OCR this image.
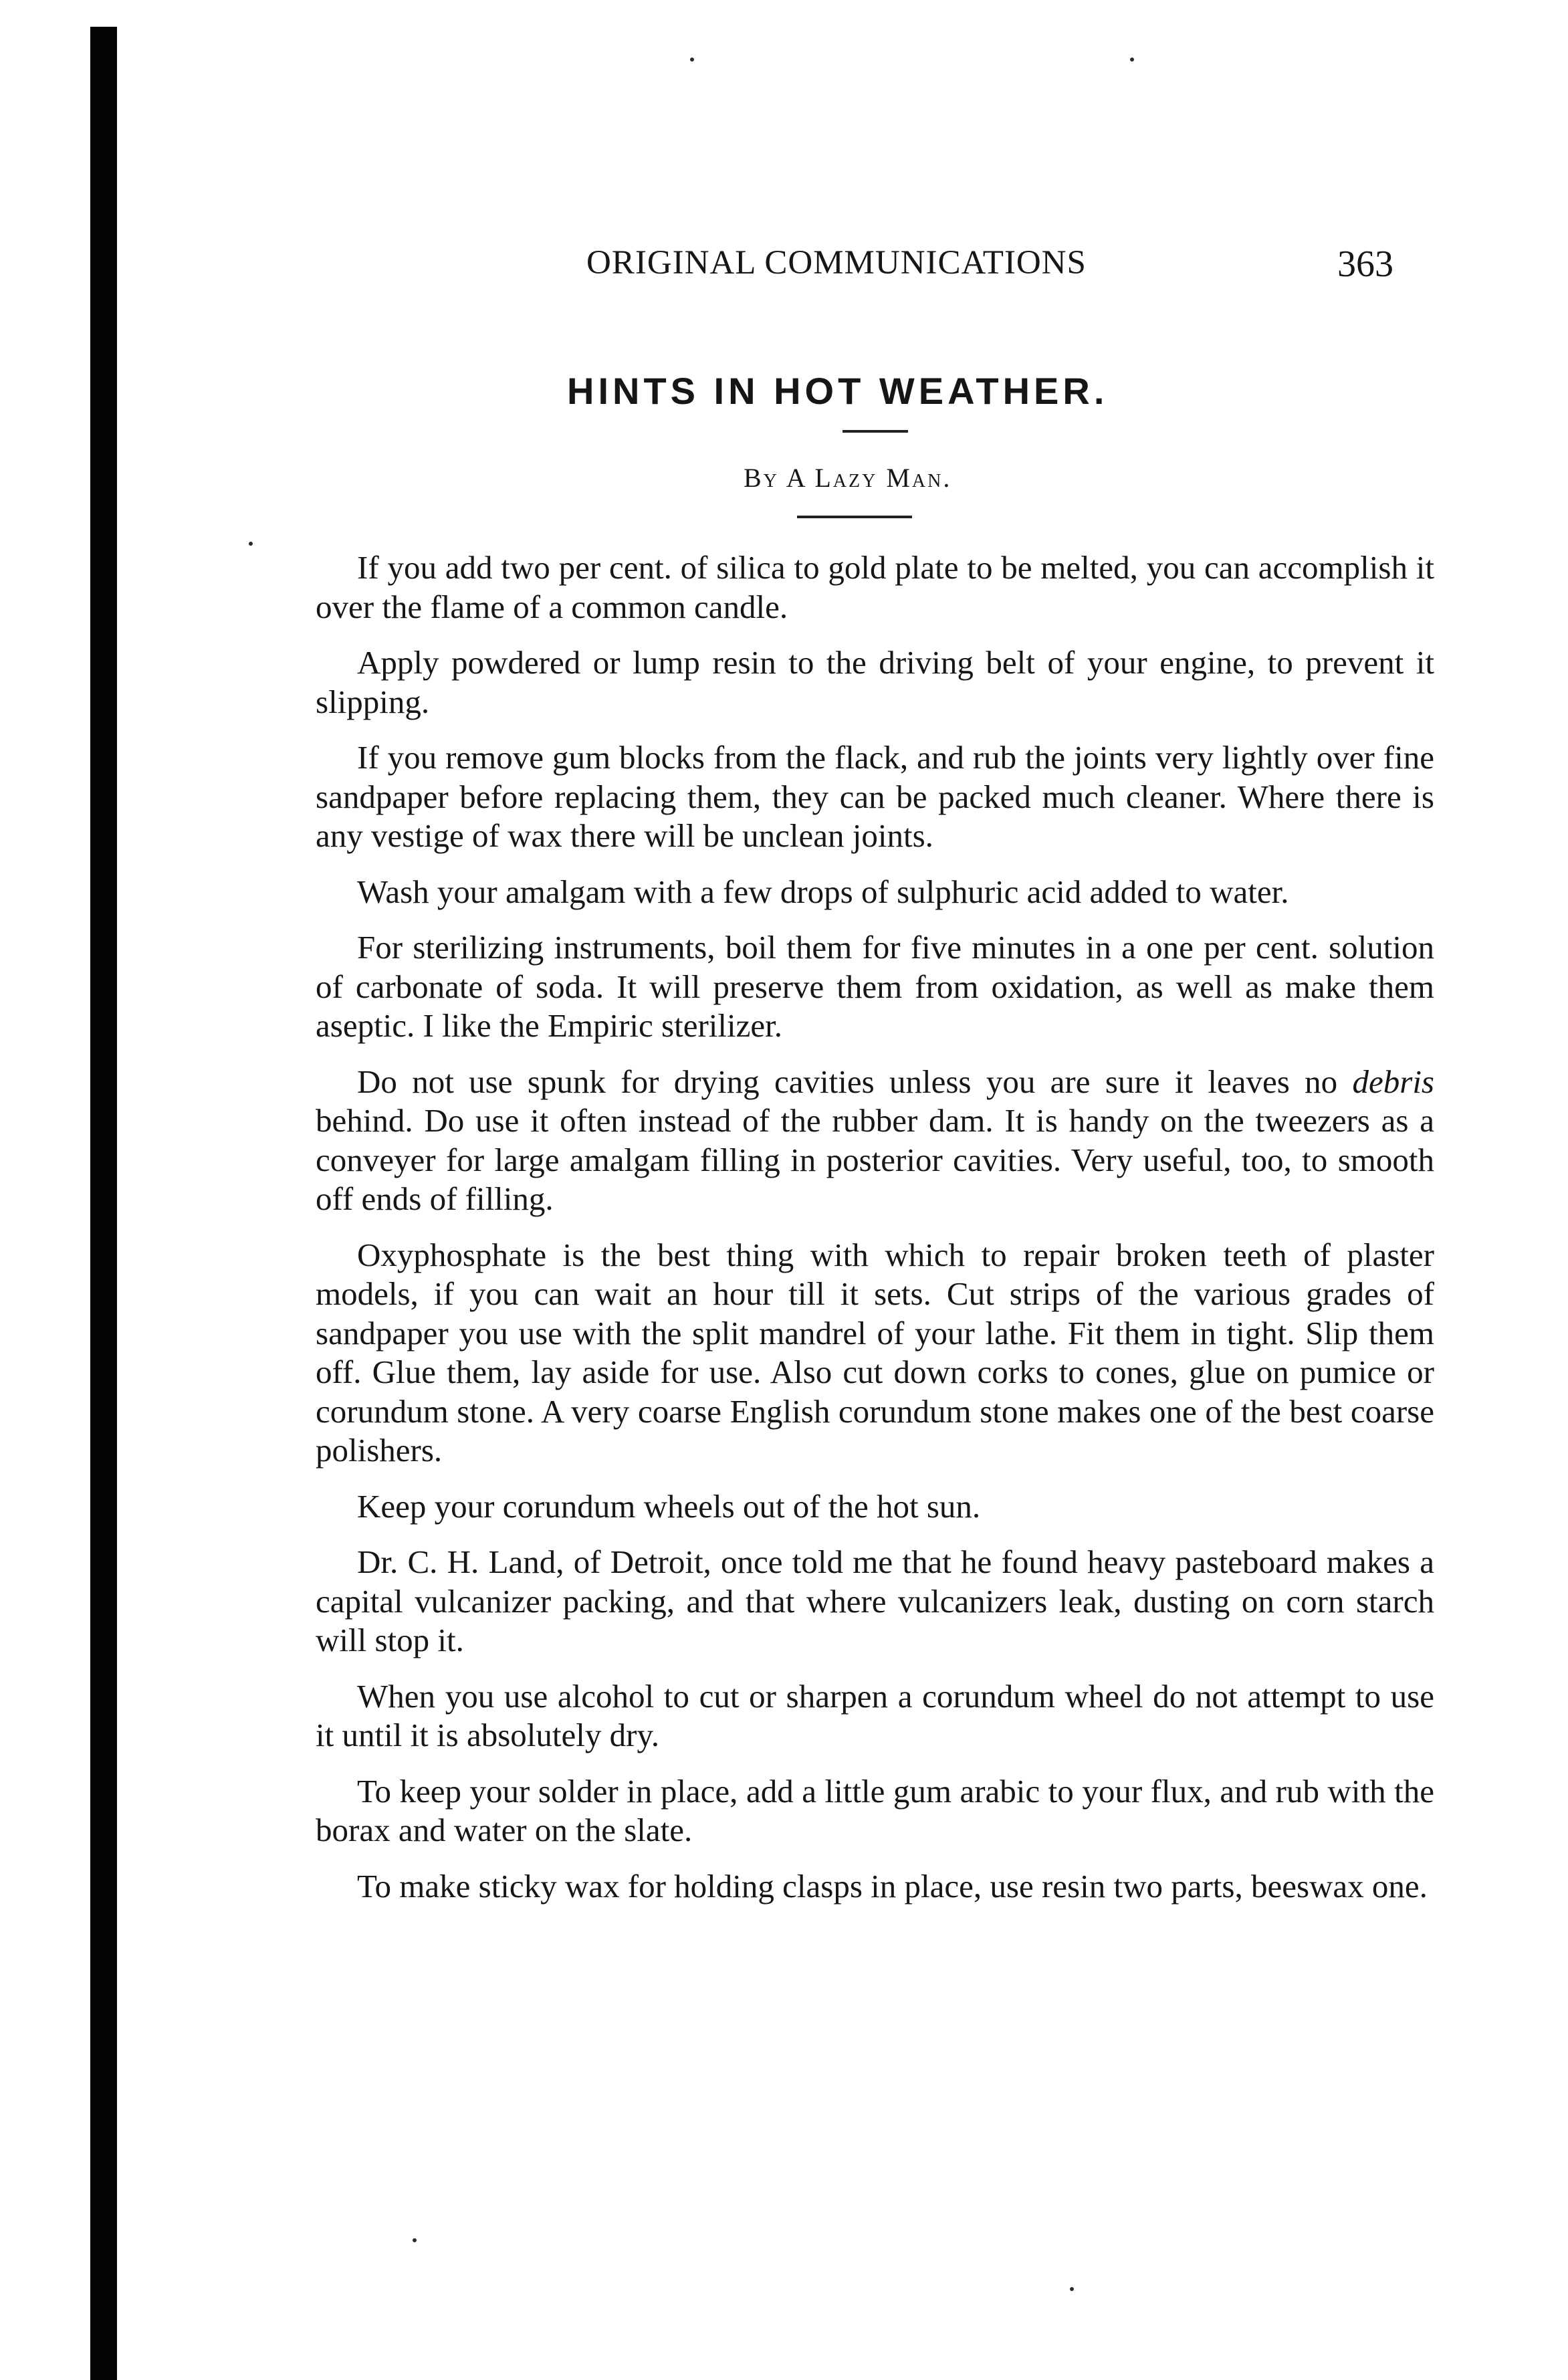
ORIGINAL COMMUNICATIONS	363
HINTS IN HOT WEATHER.
By A Lazy Man.

If you add two per cent. of silica to gold plate to be melted, you can accomplish it over the flame of a common candle.

Apply powdered or lump resin to the driving belt of your engine, to prevent it slipping.

If you remove gum blocks from the flack, and rub the joints very lightly over fine sandpaper before replacing them, they can be packed much cleaner. Where there is any vestige of wax there will be unclean joints.

Wash your amalgam with a few drops of sulphuric acid added to water.

For sterilizing instruments, boil them for five minutes in a one per cent. solution of carbonate of soda. It will preserve them from oxidation, as well as make them aseptic. I like the Empiric sterilizer.

Do not use spunk for drying cavities unless you are sure it leaves no debris behind. Do use it often instead of the rubber dam. It is handy on the tweezers as a conveyer for large amalgam filling in posterior cavities. Very useful, too, to smooth off ends of filling.

Oxyphosphate is the best thing with which to repair broken teeth of plaster models, if you can wait an hour till it sets. Cut strips of the various grades of sandpaper you use with the split mandrel of your lathe. Fit them in tight. Slip them off. Glue them, lay aside for use. Also cut down corks to cones, glue on pumice or corundum stone. A very coarse English corundum stone makes one of the best coarse polishers.

Keep your corundum wheels out of the hot sun.

Dr. C. H. Land, of Detroit, once told me that he found heavy pasteboard makes a capital vulcanizer packing, and that where vulcanizers leak, dusting on corn starch will stop it.

When you use alcohol to cut or sharpen a corundum wheel do not attempt to use it until it is absolutely dry.

To keep your solder in place, add a little gum arabic to your flux, and rub with the borax and water on the slate.

To make sticky wax for holding clasps in place, use resin two parts, beeswax one.
